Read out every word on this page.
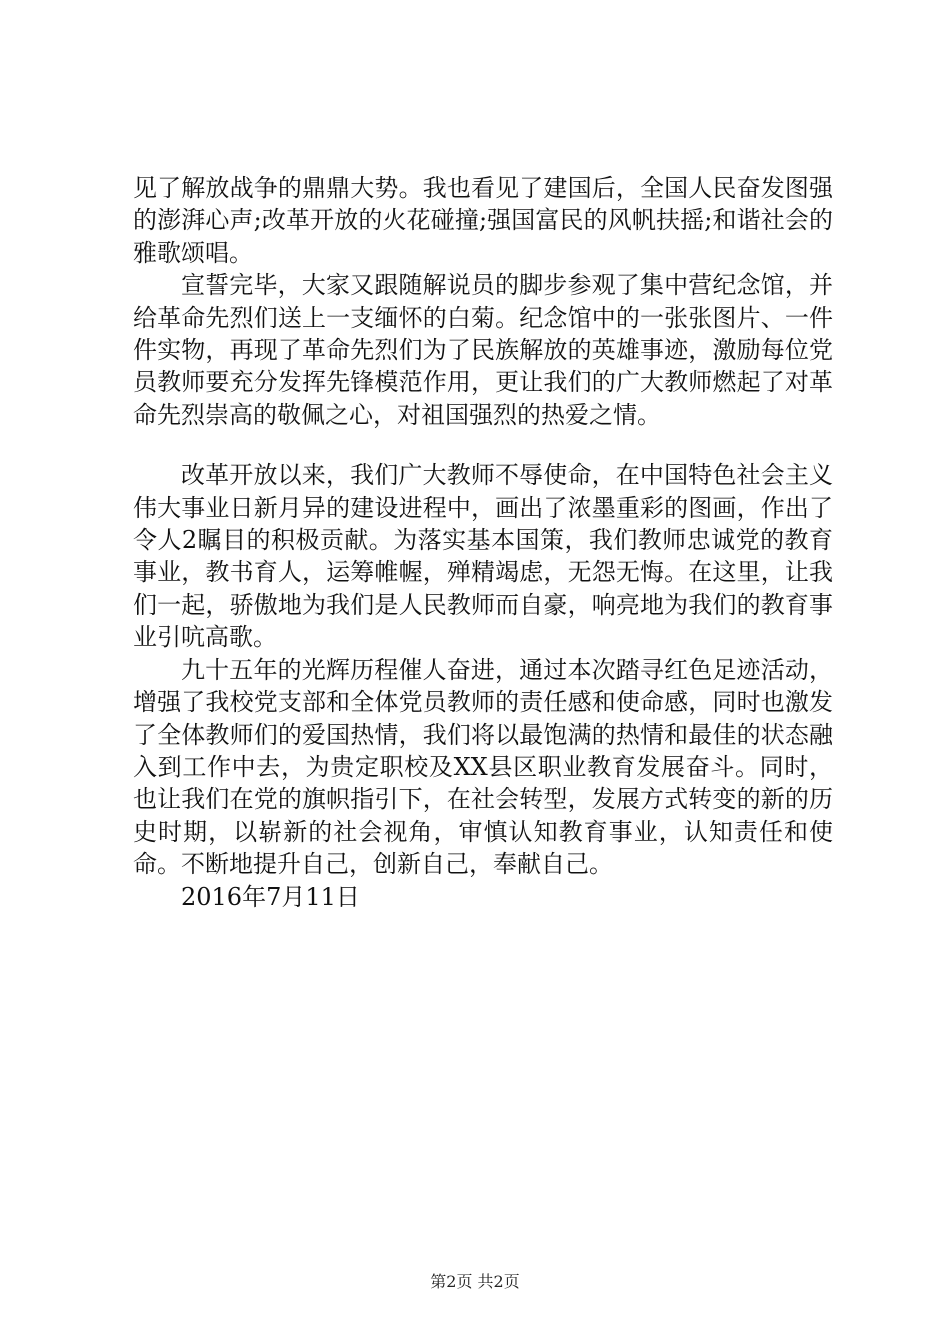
见了解放战争的鼎鼎大势。我也看见了建国后，全国人民奋发图强的澎湃心声;改革开放的火花碰撞;强国富民的风帆扶摇;和谐社会的雅歌颂唱。

宣誓完毕，大家又跟随解说员的脚步参观了集中营纪念馆，并给革命先烈们送上一支缅怀的白菊。纪念馆中的一张张图片、一件件实物，再现了革命先烈们为了民族解放的英雄事迹，激励每位党员教师要充分发挥先锋模范作用，更让我们的广大教师燃起了对革命先烈崇高的敬佩之心，对祖国强烈的热爱之情。

改革开放以来，我们广大教师不辱使命，在中国特色社会主义伟大事业日新月异的建设进程中，画出了浓墨重彩的图画，作出了令人2瞩目的积极贡献。为落实基本国策，我们教师忠诚党的教育事业，教书育人，运筹帷幄，殚精竭虑，无怨无悔。在这里，让我们一起，骄傲地为我们是人民教师而自豪，响亮地为我们的教育事业引吭高歌。

九十五年的光辉历程催人奋进，通过本次踏寻红色足迹活动，增强了我校党支部和全体党员教师的责任感和使命感，同时也激发了全体教师们的爱国热情，我们将以最饱满的热情和最佳的状态融入到工作中去，为贵定职校及XX县区职业教育发展奋斗。同时，也让我们在党的旗帜指引下，在社会转型，发展方式转变的新的历史时期，以崭新的社会视角，审慎认知教育事业，认知责任和使命。不断地提升自己，创新自己，奉献自己。

2016年7月11日

第2页 共2页
